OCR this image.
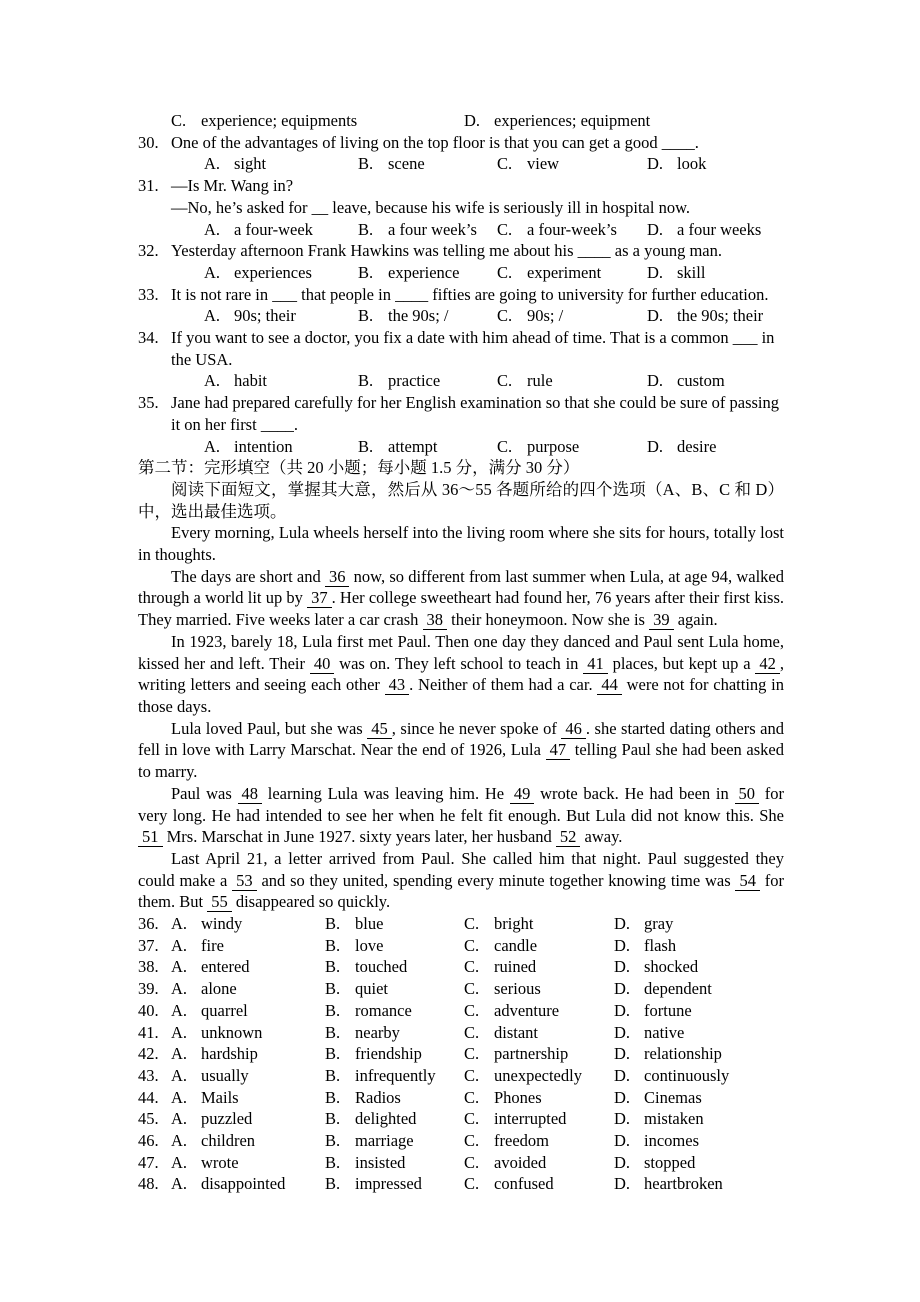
C. experience; equipments	D. experiences; equipment
30. One of the advantages of living on the top floor is that you can get a good ____.
A. sight	B. scene	C. view	D. look
31. —Is Mr. Wang in?
—No, he’s asked for __ leave, because his wife is seriously ill in hospital now.
A. a four-week	B. a four week’s	C. a four-week’s	D. a four weeks
32. Yesterday afternoon Frank Hawkins was telling me about his ____ as a young man.
A. experiences	B. experience	C. experiment	D. skill
33. It is not rare in ___ that people in ____ fifties are going to university for further education.
A. 90s; their	B. the 90s; /	C. 90s; /	D. the 90s; their
34. If you want to see a doctor, you fix a date with him ahead of time. That is a common ___ in the USA.
A. habit	B. practice	C. rule	D. custom
35. Jane had prepared carefully for her English examination so that she could be sure of passing it on her first ____.
A. intention	B. attempt	C. purpose	D. desire
第二节：完形填空（共 20 小题；每小题 1.5 分，满分 30 分）
阅读下面短文，掌握其大意，然后从 36～55 各题所给的四个选项（A、B、C 和 D）中，选出最佳选项。
Every morning, Lula wheels herself into the living room where she sits for hours, totally lost in thoughts.
The days are short and 36 now, so different from last summer when Lula, at age 94, walked through a world lit up by 37 . Her college sweetheart had found her, 76 years after their first kiss. They married. Five weeks later a car crash 38 their honeymoon. Now she is 39 again.
In 1923, barely 18, Lula first met Paul. Then one day they danced and Paul sent Lula home, kissed her and left. Their 40 was on. They left school to teach in 41 places, but kept up a 42 , writing letters and seeing each other 43 . Neither of them had a car. 44 were not for chatting in those days.
Lula loved Paul, but she was 45 , since he never spoke of 46 . she started dating others and fell in love with Larry Marschat. Near the end of 1926, Lula 47 telling Paul she had been asked to marry.
Paul was 48 learning Lula was leaving him. He 49 wrote back. He had been in 50 for very long. He had intended to see her when he felt fit enough. But Lula did not know this. She 51 Mrs. Marschat in June 1927. sixty years later, her husband 52 away.
Last April 21, a letter arrived from Paul. She called him that night. Paul suggested they could make a 53 and so they united, spending every minute together knowing time was 54 for them. But 55 disappeared so quickly.
36. A. windy	B. blue	C. bright	D. gray
37. A. fire	B. love	C. candle	D. flash
38. A. entered	B. touched	C. ruined	D. shocked
39. A. alone	B. quiet	C. serious	D. dependent
40. A. quarrel	B. romance	C. adventure	D. fortune
41. A. unknown	B. nearby	C. distant	D. native
42. A. hardship	B. friendship	C. partnership	D. relationship
43. A. usually	B. infrequently	C. unexpectedly	D. continuously
44. A. Mails	B. Radios	C. Phones	D. Cinemas
45. A. puzzled	B. delighted	C. interrupted	D. mistaken
46. A. children	B. marriage	C. freedom	D. incomes
47. A. wrote	B. insisted	C. avoided	D. stopped
48. A. disappointed	B. impressed	C. confused	D. heartbroken
